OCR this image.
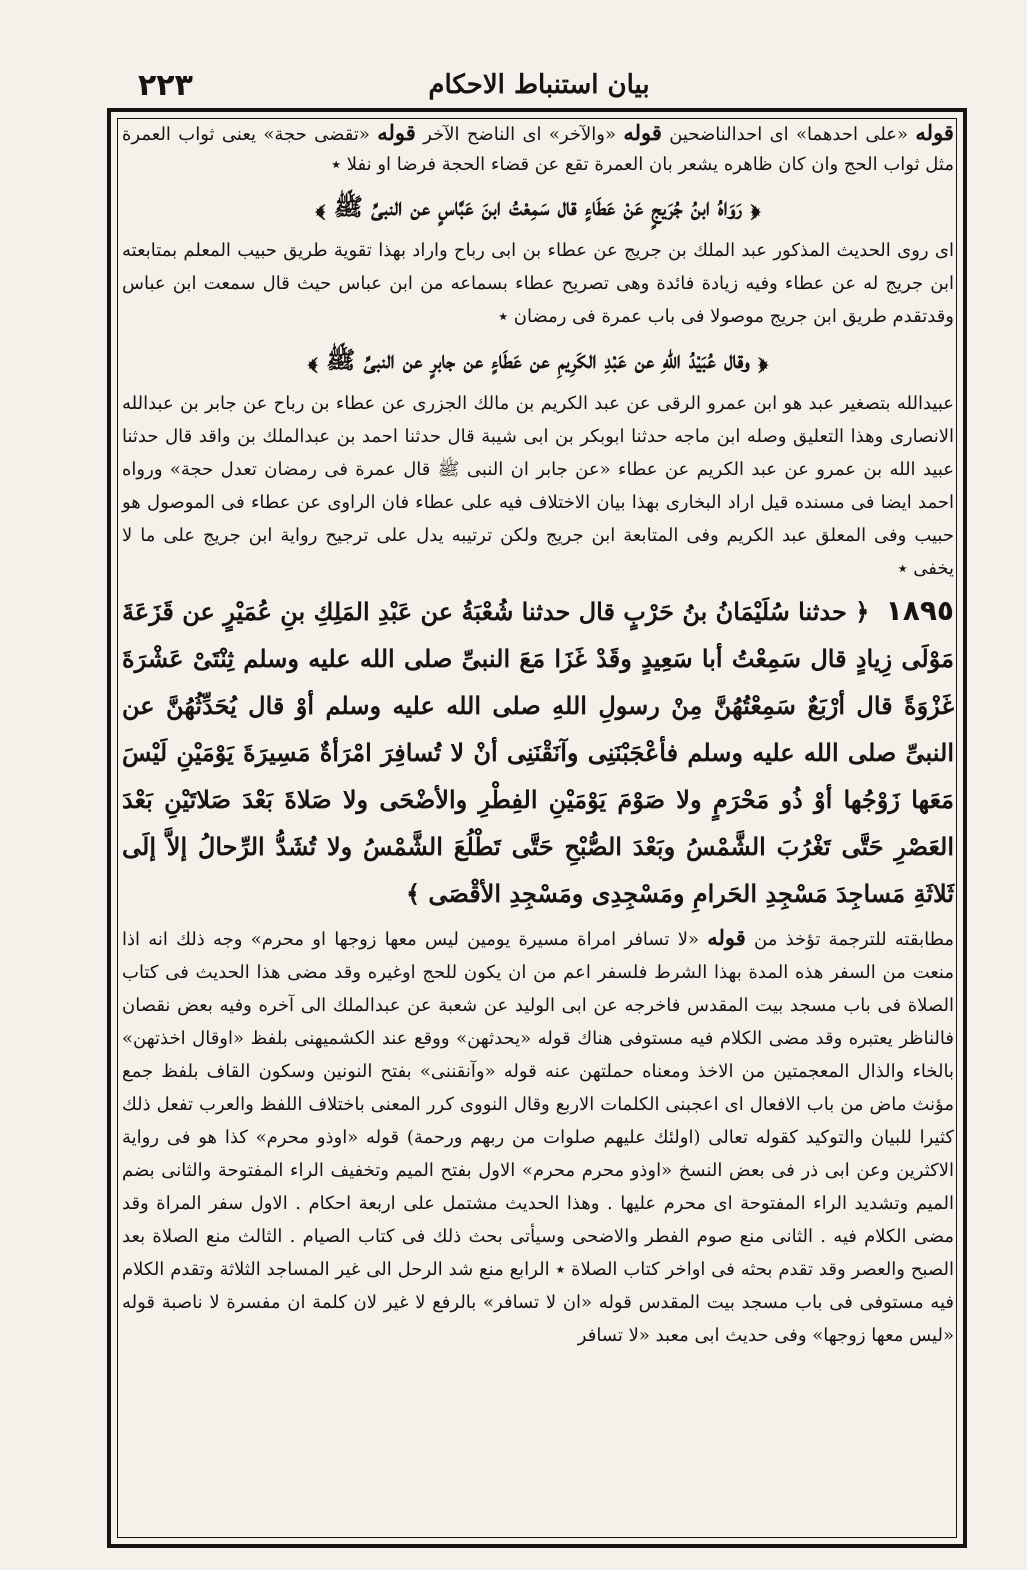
٢٢٣	بيان استنباط الاحكام

قوله «على احدهما» اى احدالناضحين قوله «والآخر» اى الناضح الآخر قوله «تقضى حجة» يعنى ثواب العمرة مثل ثواب الحج وان كان ظاهره يشعر بان العمرة تقع عن قضاء الحجة فرضا او نفلا ٭

﴿ رَوَاهُ ابنُ جُرَيجٍ عَنْ عَطَاءٍ قال سَمِعْتُ ابنَ عَبَّاسٍ عن النبىِّ ﷺ ﴾

اى روى الحديث المذكور عبد الملك بن جريج عن عطاء بن ابى رباح واراد بهذا تقوية طريق حبيب المعلم بمتابعته ابن جريج له عن عطاء وفيه زيادة فائدة وهى تصريح عطاء بسماعه من ابن عباس حيث قال سمعت ابن عباس وقدتقدم طريق ابن جريج موصولا فى باب عمرة فى رمضان ٭

﴿ وقال عُبَيْدُ اللهِ عن عَبْدِ الكَرِيمِ عن عَطَاءٍ عن جابرٍ عن النبىِّ ﷺ ﴾

عبيدالله بتصغير عبد هو ابن عمرو الرقى عن عبد الكريم بن مالك الجزرى عن عطاء بن رباح عن جابر بن عبدالله الانصارى وهذا التعليق وصله ابن ماجه حدثنا ابوبكر بن ابى شيبة قال حدثنا احمد بن عبدالملك بن واقد قال حدثنا عبيد الله بن عمرو عن عبد الكريم عن عطاء «عن جابر ان النبى ﷺ قال عمرة فى رمضان تعدل حجة» ورواه احمد ايضا فى مسنده قيل اراد البخارى بهذا بيان الاختلاف فيه على عطاء فان الراوى عن عطاء فى الموصول هو حبيب وفى المعلق عبد الكريم وفى المتابعة ابن جريج ولكن ترتيبه يدل على ترجيح رواية ابن جريج على ما لا يخفى ٭

١٨٩٥ ﴿ حدثنا سُلَيْمَانُ بنُ حَرْبٍ قال حدثنا شُعْبَةُ عن عَبْدِ المَلِكِ بنِ عُمَيْرٍ عن قَزَعَةَ مَوْلَى زِيادٍ قال سَمِعْتُ أبا سَعِيدٍ وقَدْ غَزَا مَعَ النبىِّ صلى الله عليه وسلم ثِنْتَىْ عَشْرَةَ غَزْوَةً قال أرْبَعٌ سَمِعْتُهُنَّ مِنْ رسولِ اللهِ صلى الله عليه وسلم أوْ قال يُحَدِّثُهُنَّ عن النبىِّ صلى الله عليه وسلم فأعْجَبْنَنِى وآنَقْنَنِى أنْ لا تُسافِرَ امْرَأةٌ مَسِيرَةَ يَوْمَيْنِ لَيْسَ مَعَها زَوْجُها أوْ ذُو مَحْرَمٍ ولا صَوْمَ يَوْمَيْنِ الفِطْرِ والأضْحَى ولا صَلاةَ بَعْدَ صَلاتَيْنِ بَعْدَ العَصْرِ حَتَّى تَغْرُبَ الشَّمْسُ وبَعْدَ الصُّبْحِ حَتَّى تَطْلُعَ الشَّمْسُ ولا تُشَدُّ الرِّحالُ إلاَّ إلَى ثَلاثَةِ مَساجِدَ مَسْجِدِ الحَرامِ ومَسْجِدِى ومَسْجِدِ الأقْصَى ﴾

مطابقته للترجمة تؤخذ من قوله «لا تسافر امراة مسيرة يومين ليس معها زوجها او محرم» وجه ذلك انه اذا منعت من السفر هذه المدة بهذا الشرط فلسفر اعم من ان يكون للحج اوغيره وقد مضى هذا الحديث فى كتاب الصلاة فى باب مسجد بيت المقدس فاخرجه عن ابى الوليد عن شعبة عن عبدالملك الى آخره وفيه بعض نقصان فالناظر يعتبره وقد مضى الكلام فيه مستوفى هناك قوله «يحدثهن» ووقع عند الكشميهنى بلفظ «اوقال اخذتهن» بالخاء والذال المعجمتين من الاخذ ومعناه حملتهن عنه قوله «وآنقننى» بفتح النونين وسكون القاف بلفظ جمع مؤنث ماض من باب الافعال اى اعجبنى الكلمات الاربع وقال النووى كرر المعنى باختلاف اللفظ والعرب تفعل ذلك كثيرا للبيان والتوكيد كقوله تعالى (اولئك عليهم صلوات من ربهم ورحمة) قوله «اوذو محرم» كذا هو فى رواية الاكثرين وعن ابى ذر فى بعض النسخ «اوذو محرم محرم» الاول بفتح الميم وتخفيف الراء المفتوحة والثانى بضم الميم وتشديد الراء المفتوحة اى محرم عليها . وهذا الحديث مشتمل على اربعة احكام . الاول سفر المراة وقد مضى الكلام فيه . الثانى منع صوم الفطر والاضحى وسيأتى بحث ذلك فى كتاب الصيام . الثالث منع الصلاة بعد الصبح والعصر وقد تقدم بحثه فى اواخر كتاب الصلاة ٭ الرابع منع شد الرحل الى غير المساجد الثلاثة وتقدم الكلام فيه مستوفى فى باب مسجد بيت المقدس قوله «ان لا تسافر» بالرفع لا غير لان كلمة ان مفسرة لا ناصبة قوله «ليس معها زوجها» وفى حديث ابى معبد «لا تسافر
